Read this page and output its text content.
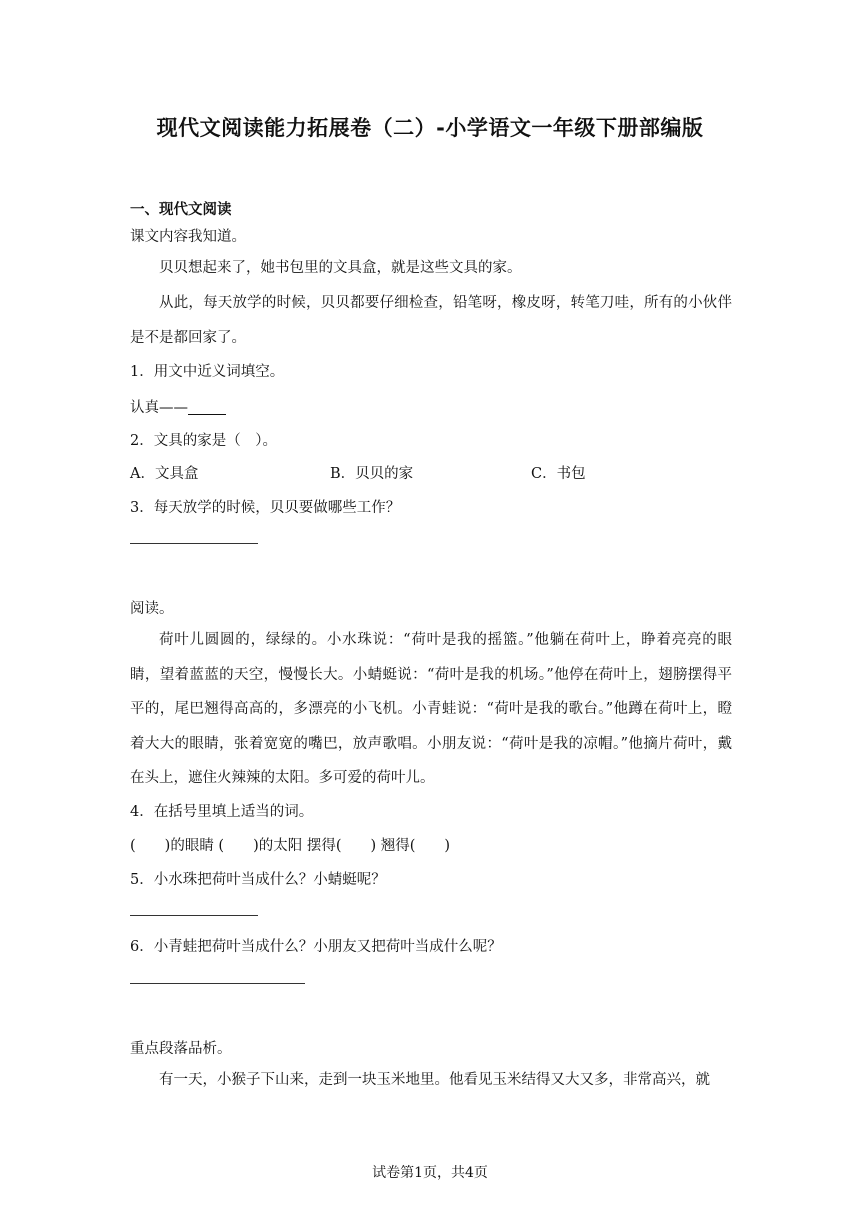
现代文阅读能力拓展卷（二）-小学语文一年级下册部编版
一、现代文阅读
课文内容我知道。
贝贝想起来了，她书包里的文具盒，就是这些文具的家。
从此，每天放学的时候，贝贝都要仔细检查，铅笔呀，橡皮呀，转笔刀哇，所有的小伙伴是不是都回家了。
1．用文中近义词填空。
认真——
2．文具的家是（　）。
A．文具盒	B．贝贝的家	C．书包
3．每天放学的时候，贝贝要做哪些工作？
阅读。
荷叶儿圆圆的，绿绿的。小水珠说：“荷叶是我的摇篮。”他躺在荷叶上，睁着亮亮的眼睛，望着蓝蓝的天空，慢慢长大。小蜻蜓说：“荷叶是我的机场。”他停在荷叶上，翅膀摆得平平的，尾巴翘得高高的，多漂亮的小飞机。小青蛙说：“荷叶是我的歌台。”他蹲在荷叶上，瞪着大大的眼睛，张着宽宽的嘴巴，放声歌唱。小朋友说：“荷叶是我的凉帽。”他摘片荷叶，戴在头上，遮住火辣辣的太阳。多可爱的荷叶儿。
4．在括号里填上适当的词。
(　　)的眼睛 (　　)的太阳 摆得(　　) 翘得(　　)
5．小水珠把荷叶当成什么？小蜻蜓呢？
6．小青蛙把荷叶当成什么？小朋友又把荷叶当成什么呢？
重点段落品析。
有一天，小猴子下山来，走到一块玉米地里。他看见玉米结得又大又多，非常高兴，就
试卷第1页，共4页
